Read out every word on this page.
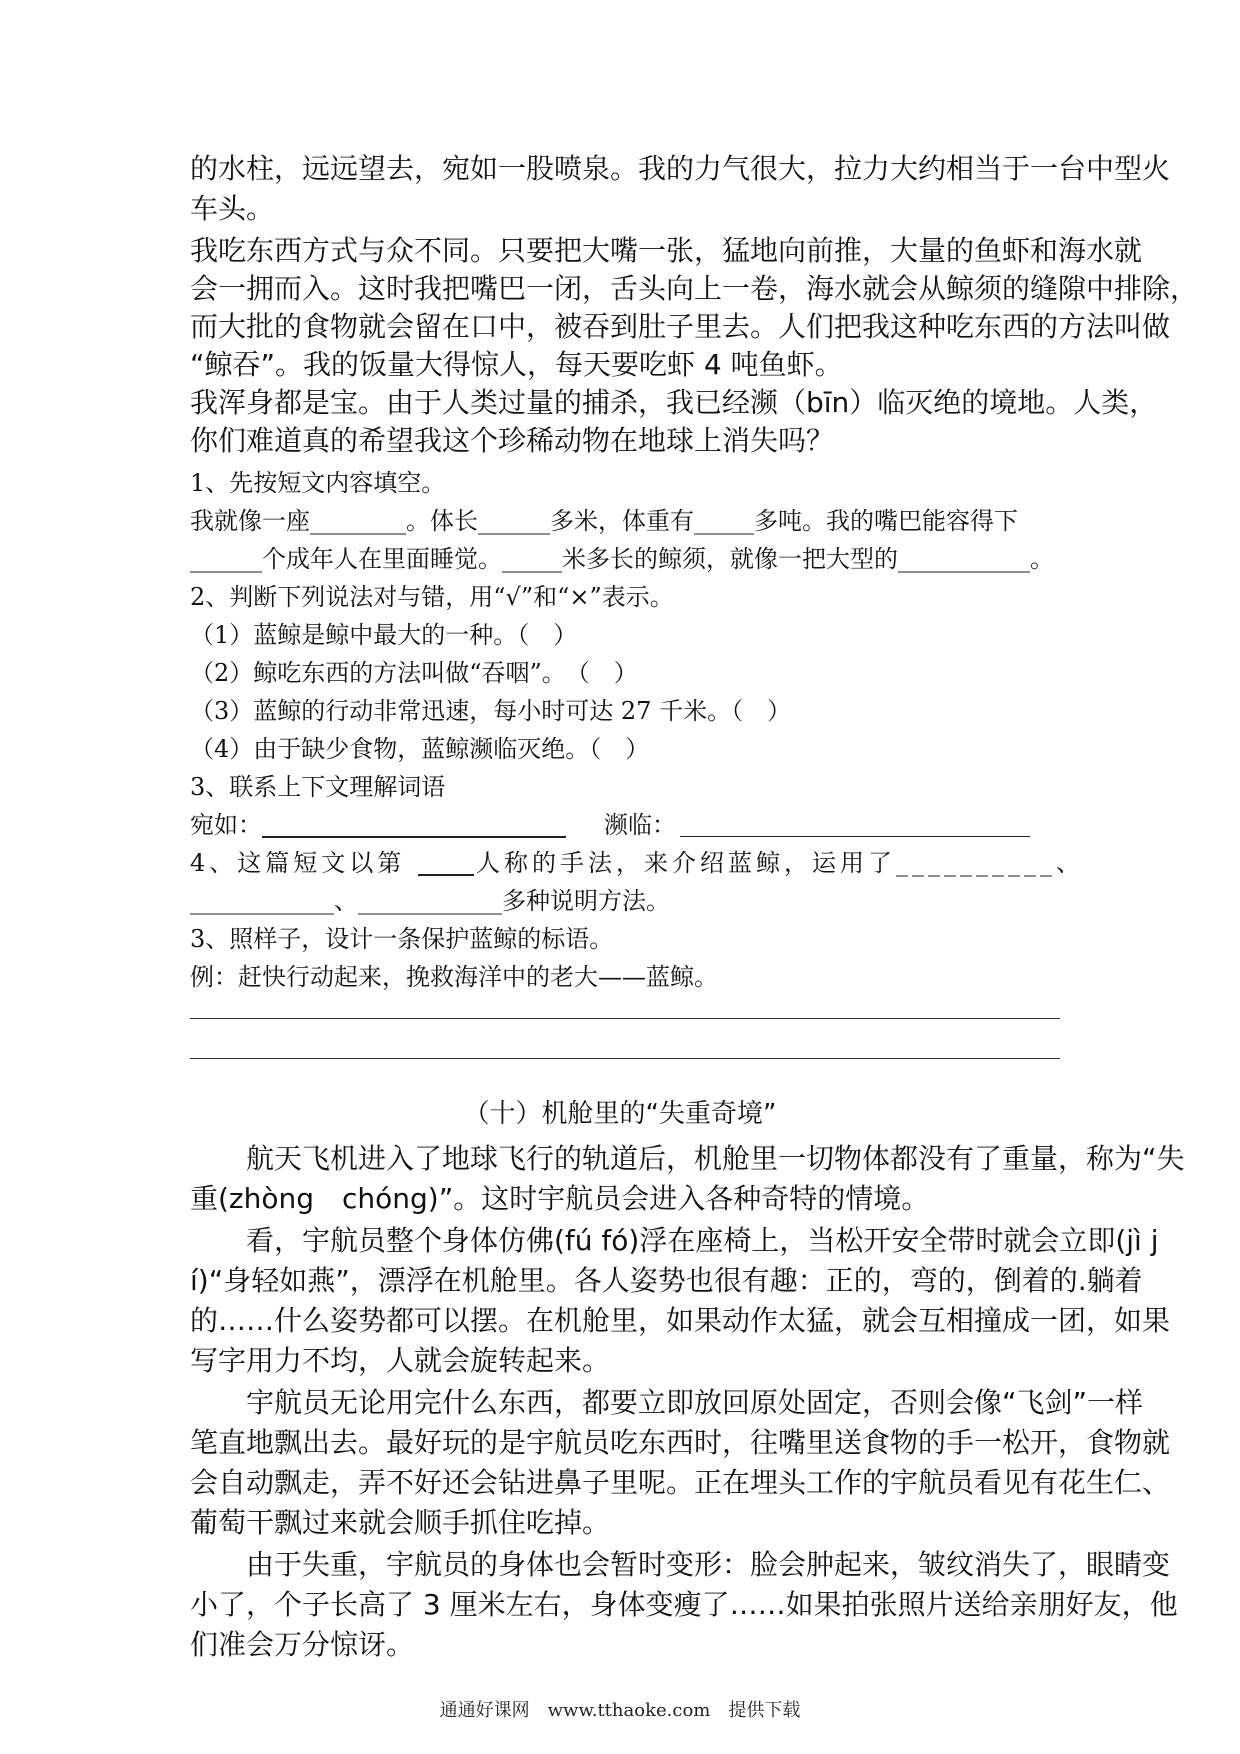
的水柱，远远望去，宛如一股喷泉。我的力气很大，拉力大约相当于一台中型火
车头。
我吃东西方式与众不同。只要把大嘴一张，猛地向前推，大量的鱼虾和海水就
会一拥而入。这时我把嘴巴一闭，舌头向上一卷，海水就会从鲸须的缝隙中排除，
而大批的食物就会留在口中，被吞到肚子里去。人们把我这种吃东西的方法叫做
“鲸吞”。我的饭量大得惊人，每天要吃虾 4 吨鱼虾。
我浑身都是宝。由于人类过量的捕杀，我已经濒（bīn）临灭绝的境地。人类，
你们难道真的希望我这个珍稀动物在地球上消失吗？
1、先按短文内容填空。
我就像一座________。体长______多米，体重有_____多吨。我的嘴巴能容得下
______个成年人在里面睡觉。_____米多长的鲸须，就像一把大型的___________。
2、判断下列说法对与错，用“√”和“×”表示。
（1）蓝鲸是鲸中最大的一种。（　）
（2）鲸吃东西的方法叫做“吞咽”。　（　）
（3）蓝鲸的行动非常迅速，每小时可达 27 千米。（　）
（4）由于缺少食物，蓝鲸濒临灭绝。（　）
3、联系上下文理解词语
宛如：	濒临：
4、这篇短文以第	人称的手法，来介绍蓝鲸，运用了__________、
____________、____________多种说明方法。
3、照样子，设计一条保护蓝鲸的标语。
例：赶快行动起来，挽救海洋中的老大——蓝鲸。
（十）机舱里的“失重奇境”
　　航天飞机进入了地球飞行的轨道后，机舱里一切物体都没有了重量，称为“失
重(zhòng　chóng)”。这时宇航员会进入各种奇特的情境。
　　看，宇航员整个身体仿佛(fú fó)浮在座椅上，当松开安全带时就会立即(jì j
í)“身轻如燕”，漂浮在机舱里。各人姿势也很有趣：正的，弯的，倒着的.躺着
的……什么姿势都可以摆。在机舱里，如果动作太猛，就会互相撞成一团，如果
写字用力不均，人就会旋转起来。
　　宇航员无论用完什么东西，都要立即放回原处固定，否则会像“飞剑”一样
笔直地飘出去。最好玩的是宇航员吃东西时，往嘴里送食物的手一松开，食物就
会自动飘走，弄不好还会钻进鼻子里呢。正在埋头工作的宇航员看见有花生仁、
葡萄干飘过来就会顺手抓住吃掉。
　　由于失重，宇航员的身体也会暂时变形：脸会肿起来，皱纹消失了，眼睛变
小了，个子长高了 3 厘米左右，身体变瘦了……如果拍张照片送给亲朋好友，他
们准会万分惊讶。
通通好课网　www.tthaoke.com　提供下载
